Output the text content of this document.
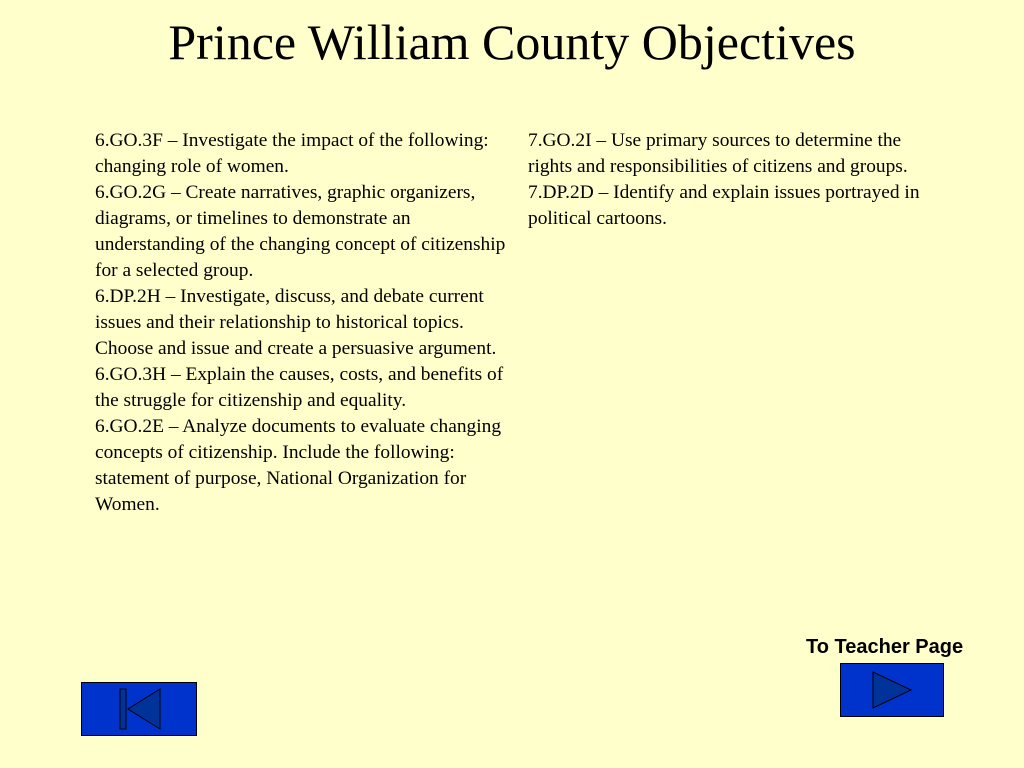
Prince William County Objectives

6.GO.3F – Investigate the impact of the following: changing role of women.

6.GO.2G – Create narratives, graphic organizers, diagrams, or timelines to demonstrate an understanding of the changing concept of citizenship for a selected group.

6.DP.2H – Investigate, discuss, and debate current issues and their relationship to historical topics. Choose and issue and create a persuasive argument.

6.GO.3H – Explain the causes, costs, and benefits of the struggle for citizenship and equality.

6.GO.2E – Analyze documents to evaluate changing concepts of citizenship. Include the following: statement of purpose, National Organization for Women.

7.GO.2I – Use primary sources to determine the rights and responsibilities of citizens and groups.

7.DP.2D – Identify and explain issues portrayed in political cartoons.

To Teacher Page
